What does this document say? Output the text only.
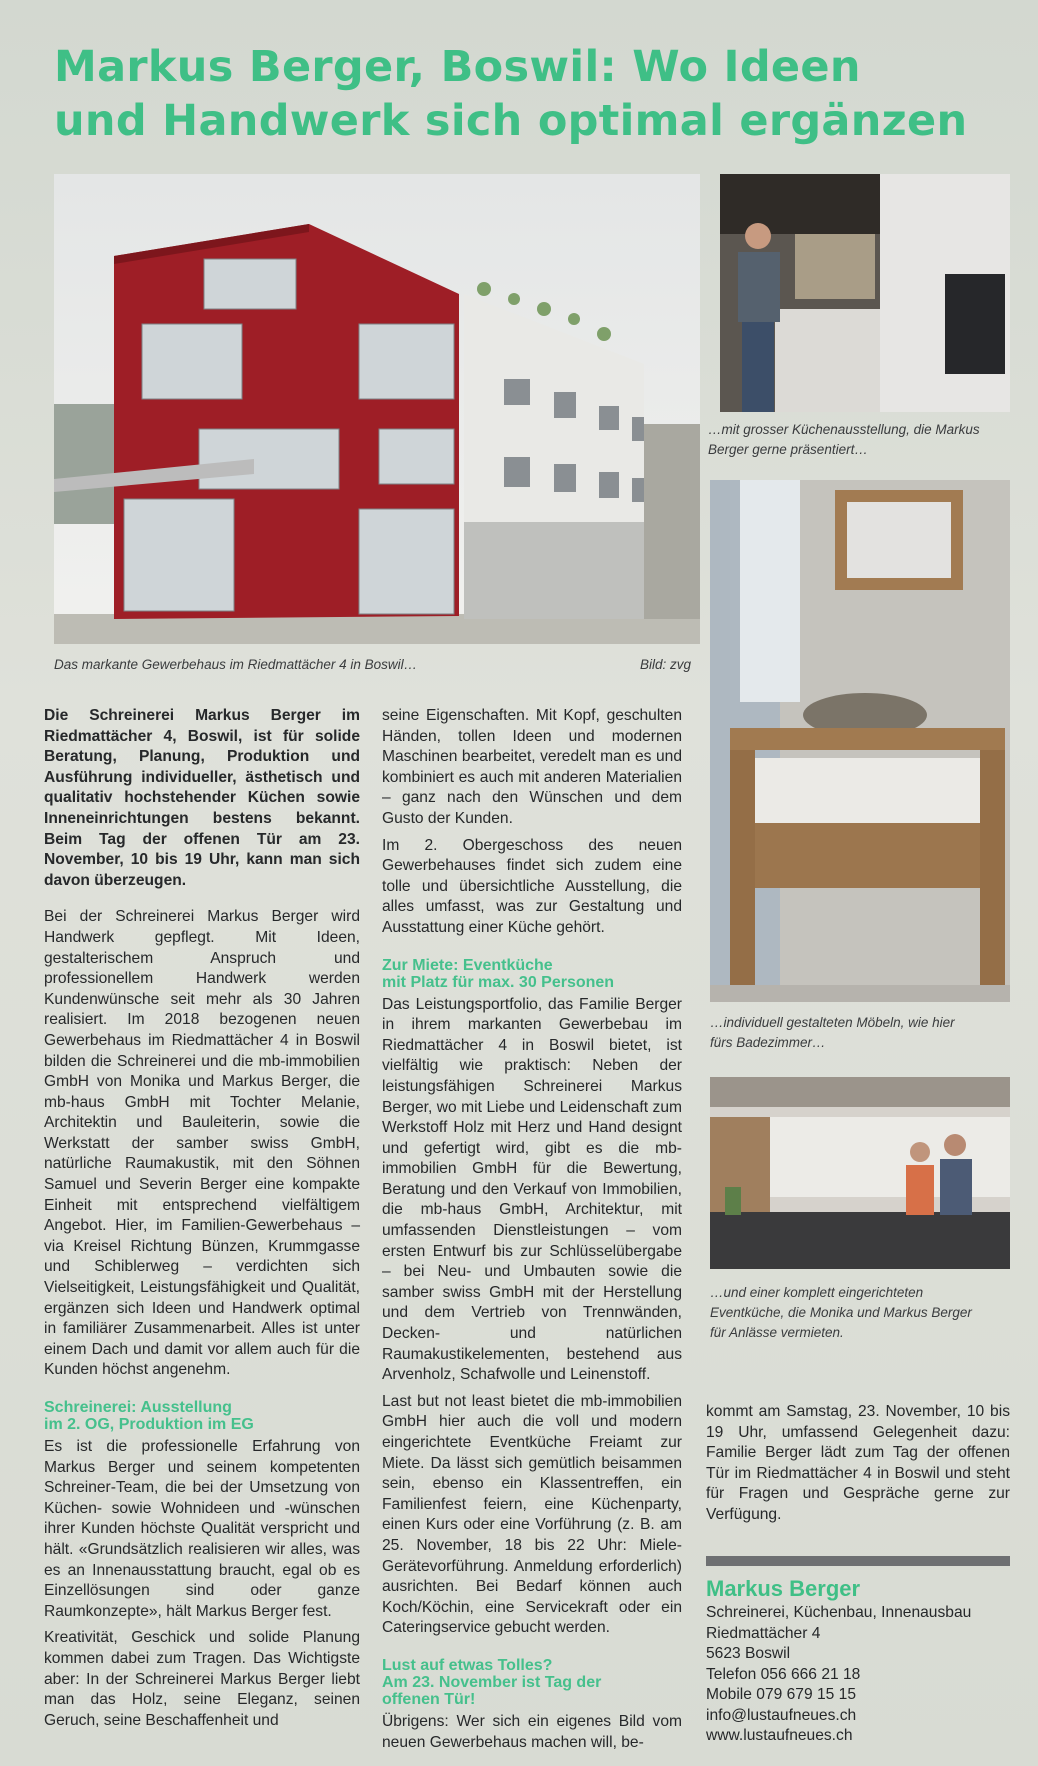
Markus Berger, Boswil: Wo Ideen
und Handwerk sich optimal ergänzen
Das markante Gewerbehaus im Riedmattächer 4 in Boswil…	Bild: zvg
…mit grosser Küchenausstellung, die Markus
Berger gerne präsentiert…
…individuell gestalteten Möbeln, wie hier
fürs Badezimmer…
…und einer komplett eingerichteten
Eventküche, die Monika und Markus Berger
für Anlässe vermieten.

Die Schreinerei Markus Berger im Riedmattächer 4, Boswil, ist für solide Beratung, Planung, Produktion und Ausführung individueller, ästhetisch und qualitativ hochstehender Küchen sowie Inneneinrichtungen bestens bekannt. Beim Tag der offenen Tür am 23. November, 10 bis 19 Uhr, kann man sich davon überzeugen.

Bei der Schreinerei Markus Berger wird Handwerk gepflegt. Mit Ideen, gestalterischem Anspruch und professionellem Handwerk werden Kundenwünsche seit mehr als 30 Jahren realisiert. Im 2018 bezogenen neuen Gewerbehaus im Riedmattächer 4 in Boswil bilden die Schreinerei und die mb-immobilien GmbH von Monika und Markus Berger, die mb-haus GmbH mit Tochter Melanie, Architektin und Bauleiterin, sowie die Werkstatt der samber swiss GmbH, natürliche Raumakustik, mit den Söhnen Samuel und Severin Berger eine kompakte Einheit mit entsprechend vielfältigem Angebot. Hier, im Familien-Gewerbehaus – via Kreisel Richtung Bünzen, Krummgasse und Schiblerweg – verdichten sich Vielseitigkeit, Leistungsfähigkeit und Qualität, ergänzen sich Ideen und Handwerk optimal in familiärer Zusammenarbeit. Alles ist unter einem Dach und damit vor allem auch für die Kunden höchst angenehm.

Schreinerei: Ausstellung
im 2. OG, Produktion im EG

Es ist die professionelle Erfahrung von Markus Berger und seinem kompetenten Schreiner-Team, die bei der Umsetzung von Küchen- sowie Wohnideen und -wünschen ihrer Kunden höchste Qualität verspricht und hält. «Grundsätzlich realisieren wir alles, was es an Innenausstattung braucht, egal ob es Einzellösungen sind oder ganze Raumkonzepte», hält Markus Berger fest.

Kreativität, Geschick und solide Planung kommen dabei zum Tragen. Das Wichtigste aber: In der Schreinerei Markus Berger liebt man das Holz, seine Eleganz, seinen Geruch, seine Beschaffenheit und

seine Eigenschaften. Mit Kopf, geschulten Händen, tollen Ideen und modernen Maschinen bearbeitet, veredelt man es und kombiniert es auch mit anderen Materialien – ganz nach den Wünschen und dem Gusto der Kunden.

Im 2. Obergeschoss des neuen Gewerbehauses findet sich zudem eine tolle und übersichtliche Ausstellung, die alles umfasst, was zur Gestaltung und Ausstattung einer Küche gehört.

Zur Miete: Eventküche
mit Platz für max. 30 Personen

Das Leistungsportfolio, das Familie Berger in ihrem markanten Gewerbebau im Riedmattächer 4 in Boswil bietet, ist vielfältig wie praktisch: Neben der leistungsfähigen Schreinerei Markus Berger, wo mit Liebe und Leidenschaft zum Werkstoff Holz mit Herz und Hand designt und gefertigt wird, gibt es die mb-immobilien GmbH für die Bewertung, Beratung und den Verkauf von Immobilien, die mb-haus GmbH, Architektur, mit umfassenden Dienstleistungen – vom ersten Entwurf bis zur Schlüsselübergabe – bei Neu- und Umbauten sowie die samber swiss GmbH mit der Herstellung und dem Vertrieb von Trennwänden, Decken- und natürlichen Raumakustikelementen, bestehend aus Arvenholz, Schafwolle und Leinenstoff.

Last but not least bietet die mb-immobilien GmbH hier auch die voll und modern eingerichtete Eventküche Freiamt zur Miete. Da lässt sich gemütlich beisammen sein, ebenso ein Klassentreffen, ein Familienfest feiern, eine Küchenparty, einen Kurs oder eine Vorführung (z. B. am 25. November, 18 bis 22 Uhr: Miele-Gerätevorführung. Anmeldung erforderlich) ausrichten. Bei Bedarf können auch Koch/Köchin, eine Servicekraft oder ein Cateringservice gebucht werden.

Lust auf etwas Tolles?
Am 23. November ist Tag der
offenen Tür!

Übrigens: Wer sich ein eigenes Bild vom neuen Gewerbehaus machen will, be-

kommt am Samstag, 23. November, 10 bis 19 Uhr, umfassend Gelegenheit dazu: Familie Berger lädt zum Tag der offenen Tür im Riedmattächer 4 in Boswil und steht für Fragen und Gespräche gerne zur Verfügung.

Markus Berger
Schreinerei, Küchenbau, Innenausbau
Riedmattächer 4
5623 Boswil
Telefon 056 666 21 18
Mobile 079 679 15 15
info@lustaufneues.ch
www.lustaufneues.ch
